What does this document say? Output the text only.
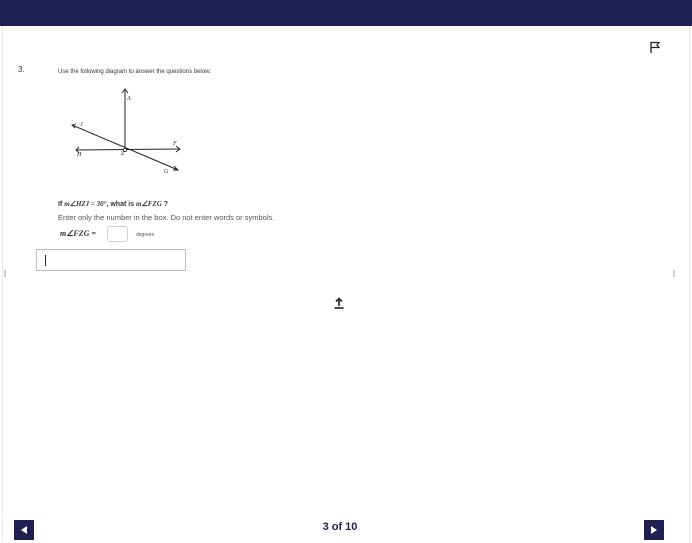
3.	Use the following diagram to answer the questions below:
A
J
F
H	Z
G
If m∠HZJ = 30°, what is m∠FZG ?
Enter only the number in the box. Do not enter words or symbols.
m∠FZG =	degrees
3 of 10
